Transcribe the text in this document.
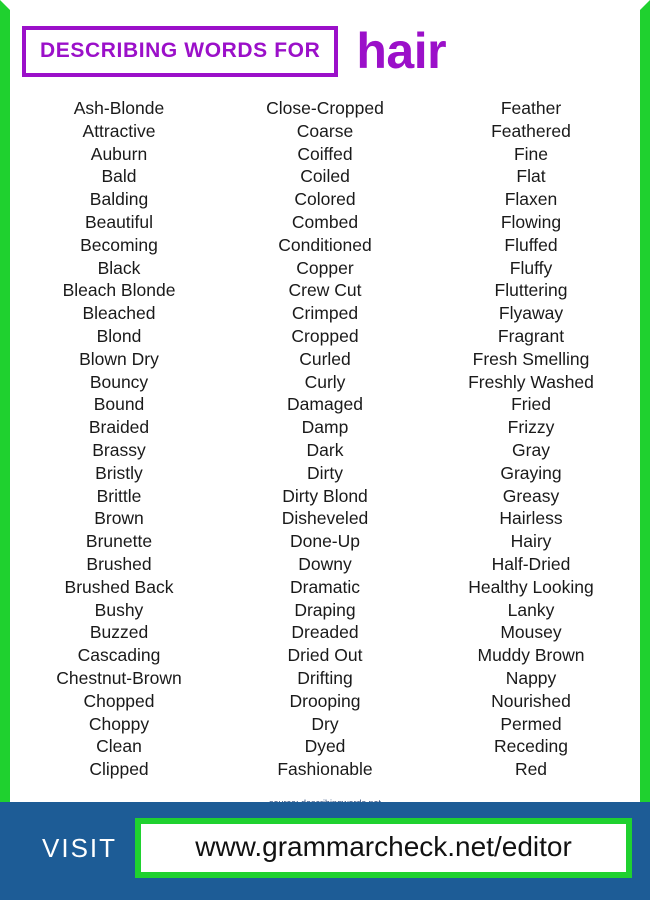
DESCRIBING WORDS FOR hair
Ash-Blonde
Attractive
Auburn
Bald
Balding
Beautiful
Becoming
Black
Bleach Blonde
Bleached
Blond
Blown Dry
Bouncy
Bound
Braided
Brassy
Bristly
Brittle
Brown
Brunette
Brushed
Brushed Back
Bushy
Buzzed
Cascading
Chestnut-Brown
Chopped
Choppy
Clean
Clipped
Close-Cropped
Coarse
Coiffed
Coiled
Colored
Combed
Conditioned
Copper
Crew Cut
Crimped
Cropped
Curled
Curly
Damaged
Damp
Dark
Dirty
Dirty Blond
Disheveled
Done-Up
Downy
Dramatic
Draping
Dreaded
Dried Out
Drifting
Drooping
Dry
Dyed
Fashionable
Feather
Feathered
Fine
Flat
Flaxen
Flowing
Fluffed
Fluffy
Fluttering
Flyaway
Fragrant
Fresh Smelling
Freshly Washed
Fried
Frizzy
Gray
Graying
Greasy
Hairless
Hairy
Half-Dried
Healthy Looking
Lanky
Mousey
Muddy Brown
Nappy
Nourished
Permed
Receding
Red
VISIT	www.grammarcheck.net/editor
